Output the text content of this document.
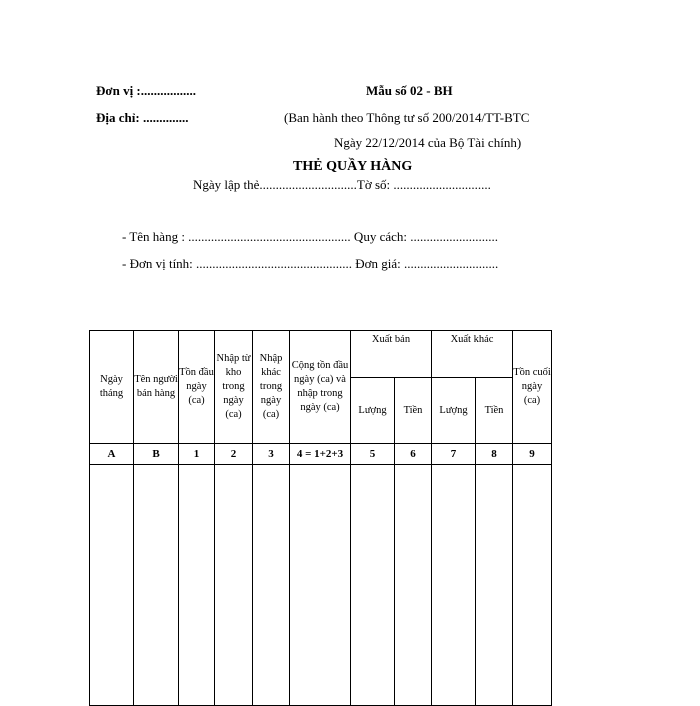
Đơn vị :.................
Địa chỉ: ..............
Mẫu số 02 - BH
(Ban hành theo Thông tư số 200/2014/TT-BTC
Ngày 22/12/2014 của Bộ Tài chính)
THẺ QUẦY HÀNG
Ngày lập thẻ..............................Tờ số: ..............................
- Tên hàng : .................................................. Quy cách: ...........................
- Đơn vị tính: ................................................ Đơn giá: .............................
Ngày tháng	Tên người bán hàng	Tồn đầu ngày (ca)	Nhập từ kho trong ngày (ca)	Nhập khác trong ngày (ca)	Cộng tồn đầu ngày (ca) và nhập trong ngày (ca)	Xuất bán		Xuất khác		Tồn cuối ngày (ca)
						Lượng	Tiền	Lượng	Tiền	
A	B	1	2	3	4 = 1+2+3	5	6	7	8	9
